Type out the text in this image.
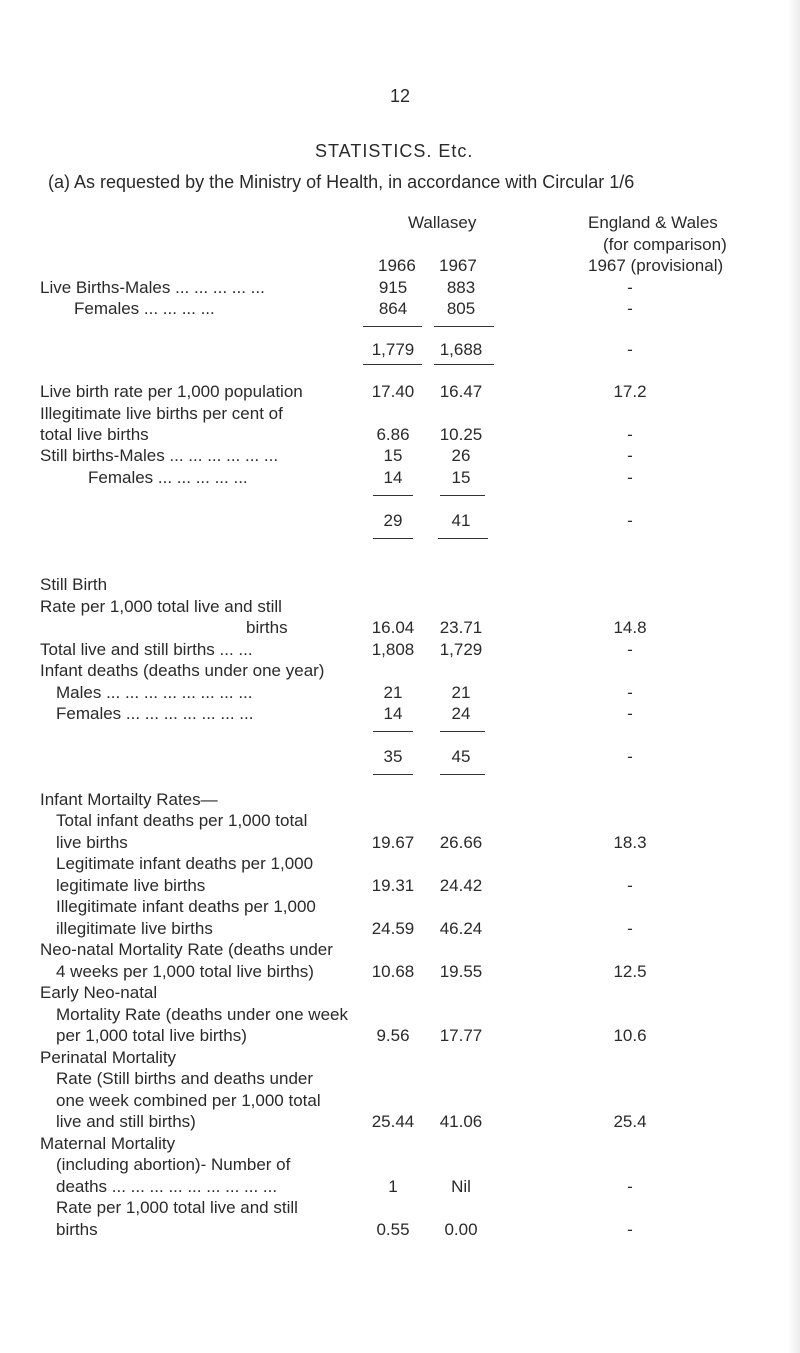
12
STATISTICS. Etc.
(a) As requested by the Ministry of Health, in accordance with Circular 1/6
Wallasey	England & Wales
(for comparison)
1966 1967	1967 (provisional)
Live Births-Males ... ... ... ... ...
Females ... ... ... ...
Live birth rate per 1,000 population
Illegitimate live births per cent of
total live births
Still births-Males ... ... ... ... ... ...
Females ... ... ... ... ...
Still Birth
Rate per 1,000 total live and still
births
Total live and still births ... ...
Infant deaths (deaths under one year)
Males ... ... ... ... ... ... ... ...
Females ... ... ... ... ... ... ...
Infant Mortailty Rates—
Total infant deaths per 1,000 total
live births
Legitimate infant deaths per 1,000
legitimate live births
Illegitimate infant deaths per 1,000
illegitimate live births
Neo-natal Mortality Rate (deaths under
4 weeks per 1,000 total live births)
Early Neo-natal
Mortality Rate (deaths under one week
per 1,000 total live births)
Perinatal Mortality
Rate (Still births and deaths under
one week combined per 1,000 total
live and still births)
Maternal Mortality
(including abortion)- Number of
deaths ... ... ... ... ... ... ... ... ...
Rate per 1,000 total live and still
births
915
864
1,779
17.40
6.86
15
14
29
16.04
1,808
21
14
35
19.67
19.31
24.59
10.68
9.56
25.44
1
0.55
883
805
1,688
16.47
10.25
26
15
41
23.71
1,729
21
24
45
26.66
24.42
46.24
19.55
17.77
41.06
Nil
0.00
-
-
-
17.2
-
-
-
-
14.8
-
-
-
-
18.3
-
-
12.5
10.6
25.4
-
-
